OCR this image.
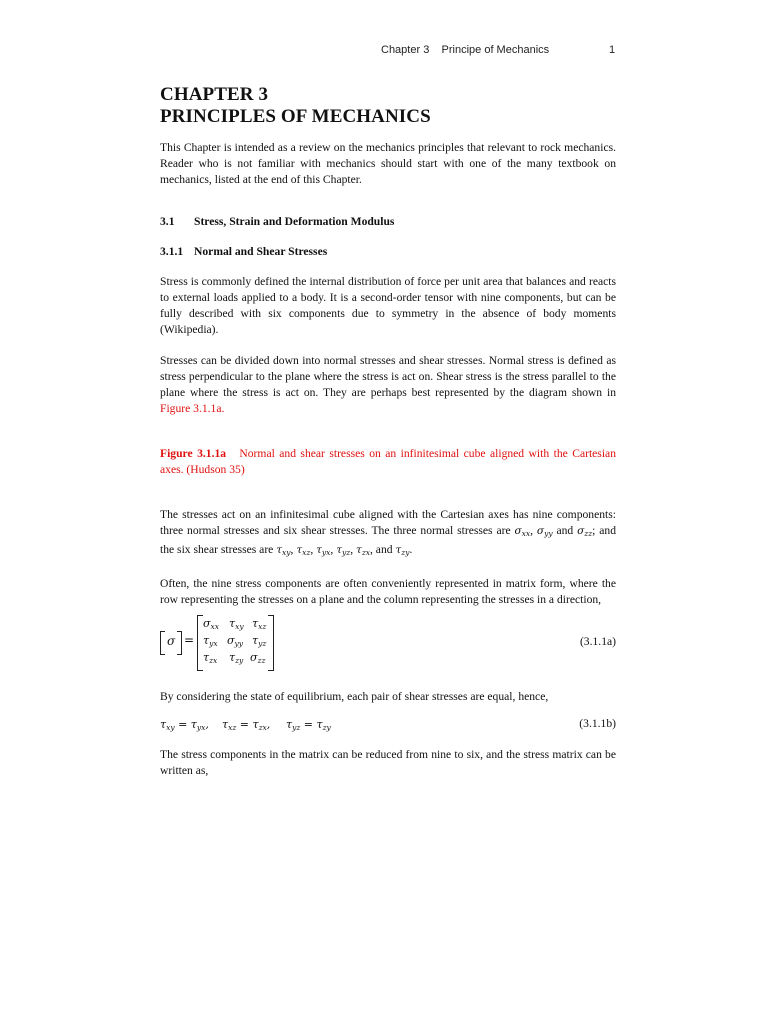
Chapter 3    Principe of Mechanics	1
CHAPTER 3
PRINCIPLES OF MECHANICS

This Chapter is intended as a review on the mechanics principles that relevant to rock mechanics. Reader who is not familiar with mechanics should start with one of the many textbook on mechanics, listed at the end of this Chapter.

3.1 Stress, Strain and Deformation Modulus
3.1.1 Normal and Shear Stresses

Stress is commonly defined the internal distribution of force per unit area that balances and reacts to external loads applied to a body. It is a second-order tensor with nine components, but can be fully described with six components due to symmetry in the absence of body moments (Wikipedia).

Stresses can be divided down into normal stresses and shear stresses. Normal stress is defined as stress perpendicular to the plane where the stress is act on. Shear stress is the stress parallel to the plane where the stress is act on. They are perhaps best represented by the diagram shown in Figure 3.1.1a.

Figure 3.1.1a Normal and shear stresses on an infinitesimal cube aligned with the Cartesian axes. (Hudson 35)

The stresses act on an infinitesimal cube aligned with the Cartesian axes has nine components: three normal stresses and six shear stresses. The three normal stresses are $\sigma_{xx}$, $\sigma_{yy}$ and $\sigma_{zz}$; and the six shear stresses are $\tau_{xy}$, $\tau_{xz}$, $\tau_{yx}$, $\tau_{yz}$, $\tau_{zx}$, and $\tau_{zy}$.

Often, the nine stress components are often conveniently represented in matrix form, where the row representing the stresses on a plane and the column representing the stresses in a direction,

σ =
$\sigma_{xx}$ $\tau_{xy}$ $\tau_{xz}$
$\tau_{yx}$ $\sigma_{yy}$ $\tau_{yz}$
$\tau_{zx}$ $\tau_{zy}$ $\sigma_{zz}$
(3.1.1a)

By considering the state of equilibrium, each pair of shear stresses are equal, hence,

$\tau_{xy} = \tau_{yx}$, $\tau_{xz} = \tau_{zx}$, $\tau_{yz} = \tau_{zy}$	(3.1.1b)

The stress components in the matrix can be reduced from nine to six, and the stress matrix can be written as,
